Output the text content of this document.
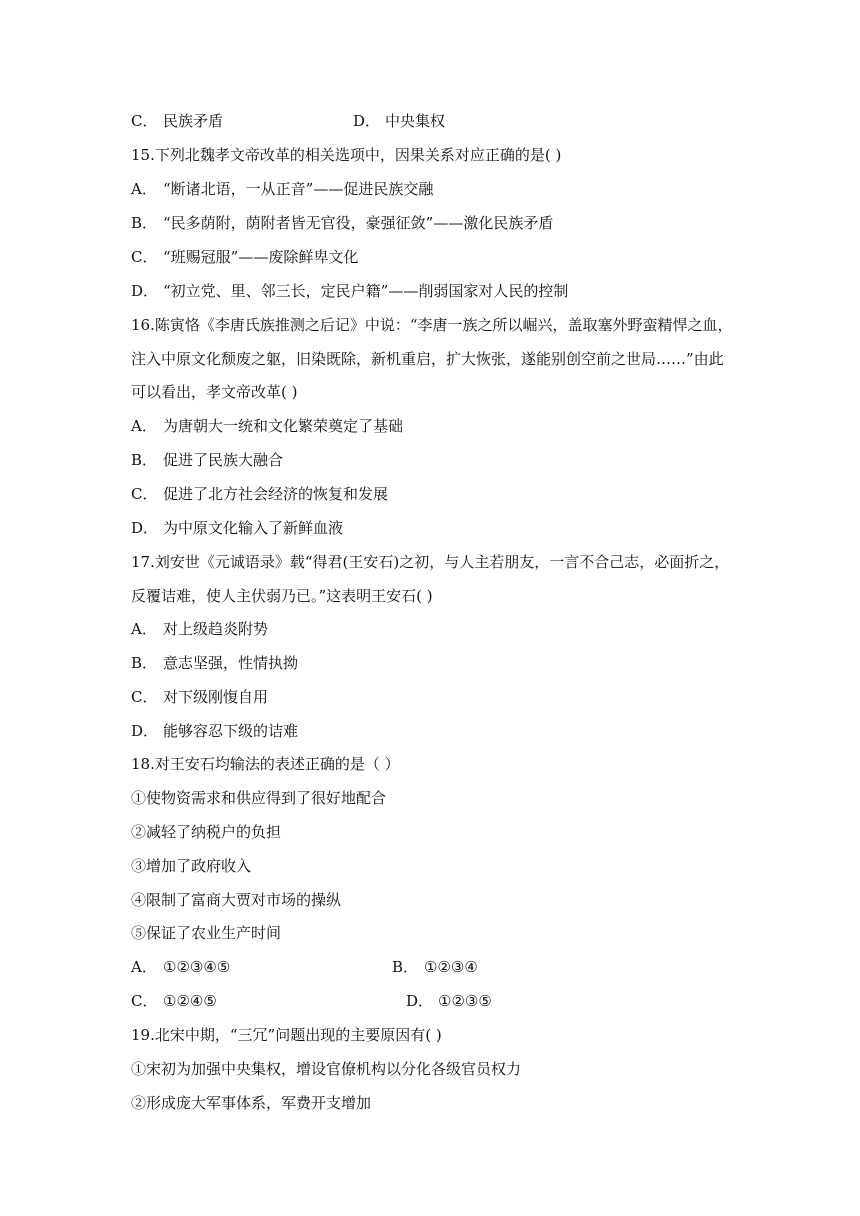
C． 民族矛盾	D． 中央集权
15.下列北魏孝文帝改革的相关选项中，因果关系对应正确的是( )
A． “断诸北语，一从正音”——促进民族交融
B． “民多荫附，荫附者皆无官役，豪强征敛”——激化民族矛盾
C． “班赐冠服”——废除鲜卑文化
D． “初立党、里、邻三长，定民户籍”——削弱国家对人民的控制
16.陈寅恪《李唐氏族推测之后记》中说：“李唐一族之所以崛兴，盖取塞外野蛮精悍之血，
注入中原文化颓废之躯，旧染既除，新机重启，扩大恢张，遂能别创空前之世局……”由此
可以看出，孝文帝改革( )
A． 为唐朝大一统和文化繁荣奠定了基础
B． 促进了民族大融合
C． 促进了北方社会经济的恢复和发展
D． 为中原文化输入了新鲜血液
17.刘安世《元诚语录》载“得君(王安石)之初，与人主若朋友，一言不合己志，必面折之，
反覆诘难，使人主伏弱乃已。”这表明王安石( )
A． 对上级趋炎附势
B． 意志坚强，性情执拗
C． 对下级刚愎自用
D． 能够容忍下级的诘难
18.对王安石均输法的表述正确的是（ ）
①使物资需求和供应得到了很好地配合
②减轻了纳税户的负担
③增加了政府收入
④限制了富商大贾对市场的操纵
⑤保证了农业生产时间
A． ①②③④⑤	B． ①②③④
C． ①②④⑤	D． ①②③⑤
19.北宋中期，“三冗”问题出现的主要原因有( )
①宋初为加强中央集权，增设官僚机构以分化各级官员权力
②形成庞大军事体系，军费开支增加
